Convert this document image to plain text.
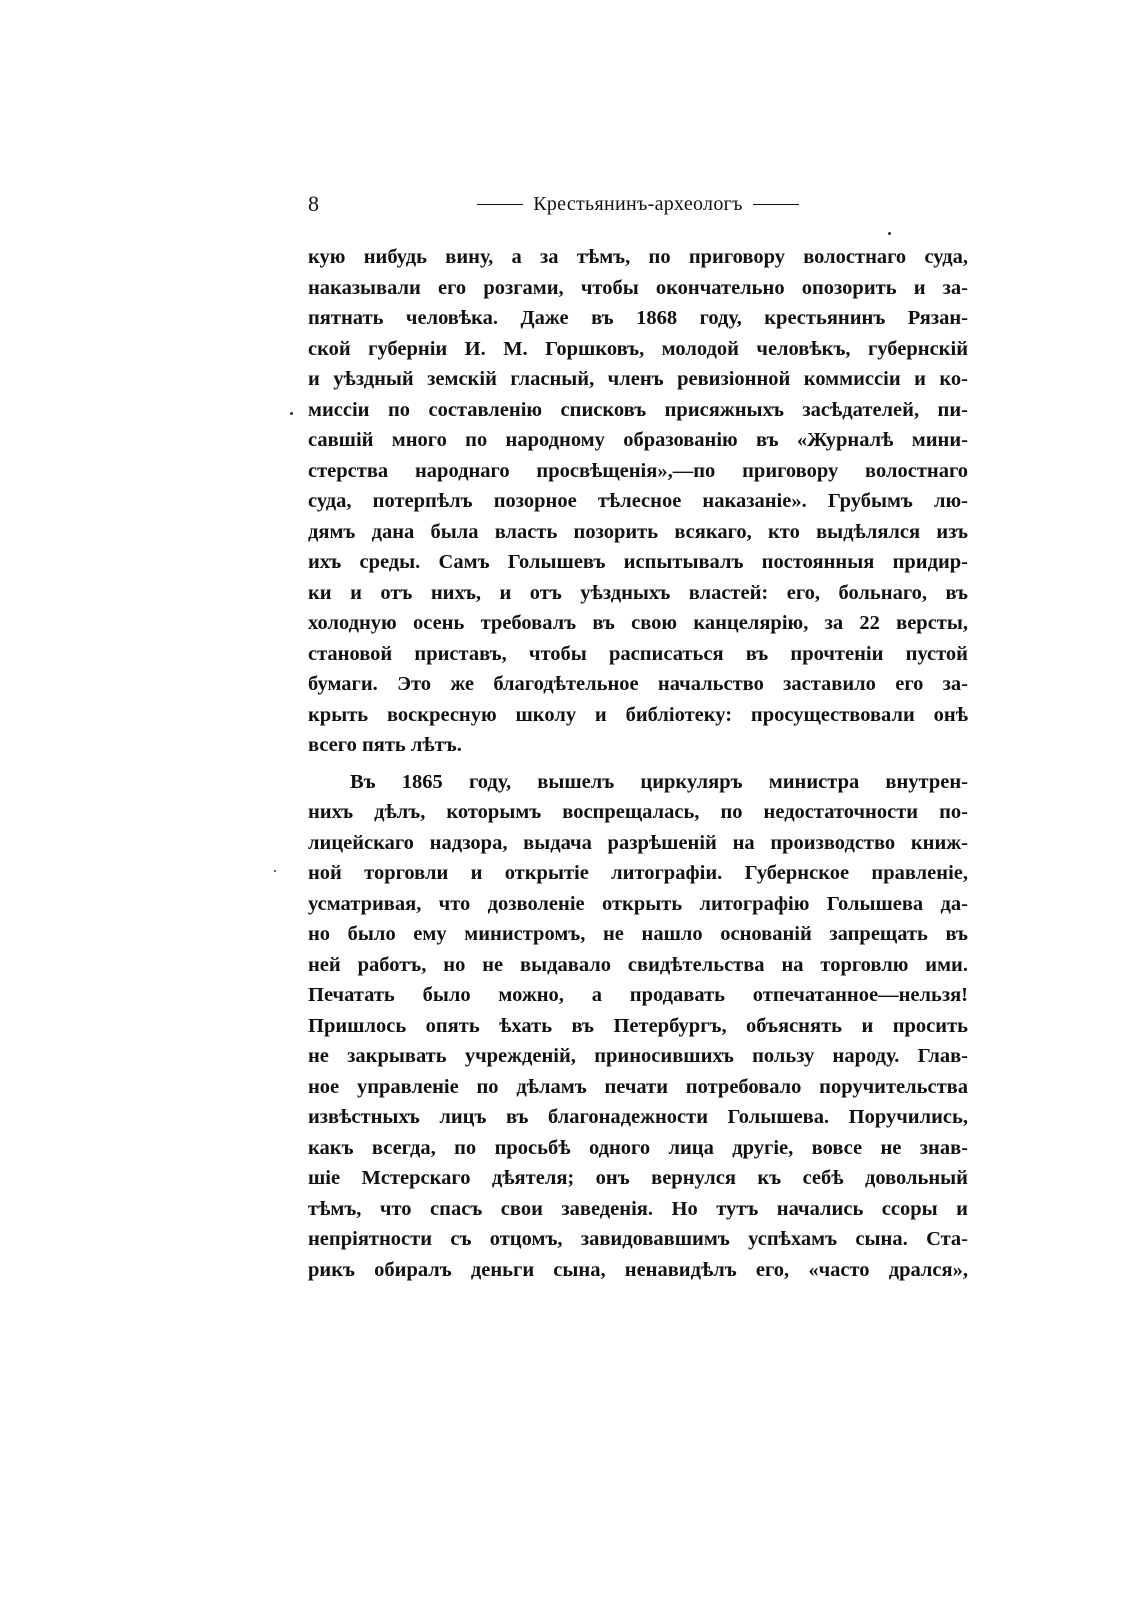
8	Крестьянинъ-археологъ
кую нибудь вину, а за тѣмъ, по приговору волостнаго суда,
наказывали его розгами, чтобы окончательно опозорить и за-
пятнать человѣка. Даже въ 1868 году, крестьянинъ Рязан-
ской губерніи И. М. Горшковъ, молодой человѣкъ, губернскій
и уѣздный земскій гласный, членъ ревизіонной коммиссіи и ко-
миссіи по составленію списковъ присяжныхъ засѣдателей, пи-
савшій много по народному образованію въ «Журналѣ мини-
стерства народнаго просвѣщенія»,—по приговору волостнаго
суда, потерпѣлъ позорное тѣлесное наказаніе». Грубымъ лю-
дямъ дана была власть позорить всякаго, кто выдѣлялся изъ
ихъ среды. Самъ Голышевъ испытывалъ постоянныя придир-
ки и отъ нихъ, и отъ уѣздныхъ властей: его, больнаго, въ
холодную осень требовалъ въ свою канцелярію, за 22 версты,
становой приставъ, чтобы расписаться въ прочтеніи пустой
бумаги. Это же благодѣтельное начальство заставило его за-
крыть воскресную школу и библіотеку: просуществовали онѣ
всего пять лѣтъ.
Въ 1865 году, вышелъ циркуляръ министра внутрен-
нихъ дѣлъ, которымъ воспрещалась, по недостаточности по-
лицейскаго надзора, выдача разрѣшеній на производство книж-
ной торговли и открытіе литографіи. Губернское правленіе,
усматривая, что дозволеніе открыть литографію Голышева да-
но было ему министромъ, не нашло основаній запрещать въ
ней работъ, но не выдавало свидѣтельства на торговлю ими.
Печатать было можно, а продавать отпечатанное—нельзя!
Пришлось опять ѣхать въ Петербургъ, объяснять и просить
не закрывать учрежденій, приносившихъ пользу народу. Глав-
ное управленіе по дѣламъ печати потребовало поручительства
извѣстныхъ лицъ въ благонадежности Голышева. Поручились,
какъ всегда, по просьбѣ одного лица другіе, вовсе не знав-
шіе Мстерскаго дѣятеля; онъ вернулся къ себѣ довольный
тѣмъ, что спасъ свои заведенія. Но тутъ начались ссоры и
непріятности съ отцомъ, завидовавшимъ успѣхамъ сына. Ста-
рикъ обиралъ деньги сына, ненавидѣлъ его, «часто дрался»,
